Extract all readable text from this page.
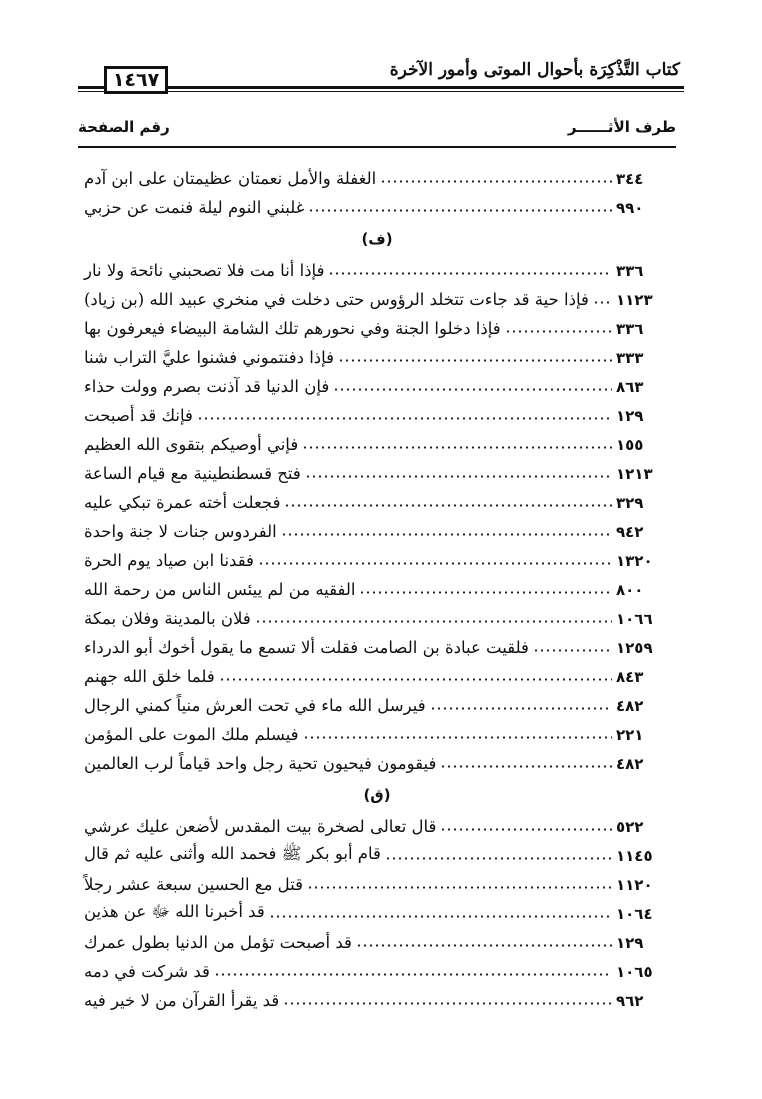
كتاب التَّذْكِرَة بأحوال الموتى وأمور الآخرة
١٤٦٧
طرف الأثــــــر
رقم الصفحة
الغفلة والأمل نعمتان عظيمتان على ابن آدم	٣٤٤
غلبني النوم ليلة فنمت عن حزبي	٩٩٠
(ف)
فإذا أنا مت فلا تصحبني نائحة ولا نار	٣٣٦
فإذا حية قد جاءت تتخلد الرؤوس حتى دخلت في منخري عبيد الله (بن زياد) ١١٢٣
فإذا دخلوا الجنة وفي نحورهم تلك الشامة البيضاء فيعرفون بها	٣٣٦
فإذا دفنتموني فشنوا عليَّ التراب شنا	٣٣٣
فإن الدنيا قد آذنت بصرم وولت حذاء	٨٦٣
فإنك قد أصبحت	١٢٩
فإني أوصيكم بتقوى الله العظيم	١٥٥
فتح قسطنطينية مع قيام الساعة	١٢١٣
فجعلت أخته عمرة تبكي عليه	٣٢٩
الفردوس جنات لا جنة واحدة	٩٤٢
فقدنا ابن صياد يوم الحرة	١٣٢٠
الفقيه من لم ييئس الناس من رحمة الله	٨٠٠
فلان بالمدينة وفلان بمكة	١٠٦٦
فلقيت عبادة بن الصامت فقلت ألا تسمع ما يقول أخوك أبو الدرداء	١٢٥٩
فلما خلق الله جهنم	٨٤٣
فيرسل الله ماء في تحت العرش منياً كمني الرجال	٤٨٢
فيسلم ملك الموت على المؤمن	٢٢١
فيقومون فيحيون تحية رجل واحد قياماً لرب العالمين	٤٨٢
(ق)
قال تعالى لصخرة بيت المقدس لأضعن عليك عرشي	٥٢٢
قام أبو بكر ﷺ فحمد الله وأثنى عليه ثم قال	١١٤٥
قتل مع الحسين سبعة عشر رجلاً	١١٢٠
قد أخبرنا الله ﷻ عن هذين	١٠٦٤
قد أصبحت تؤمل من الدنيا بطول عمرك	١٢٩
قد شركت في دمه	١٠٦٥
قد يقرأ القرآن من لا خير فيه	٩٦٢
